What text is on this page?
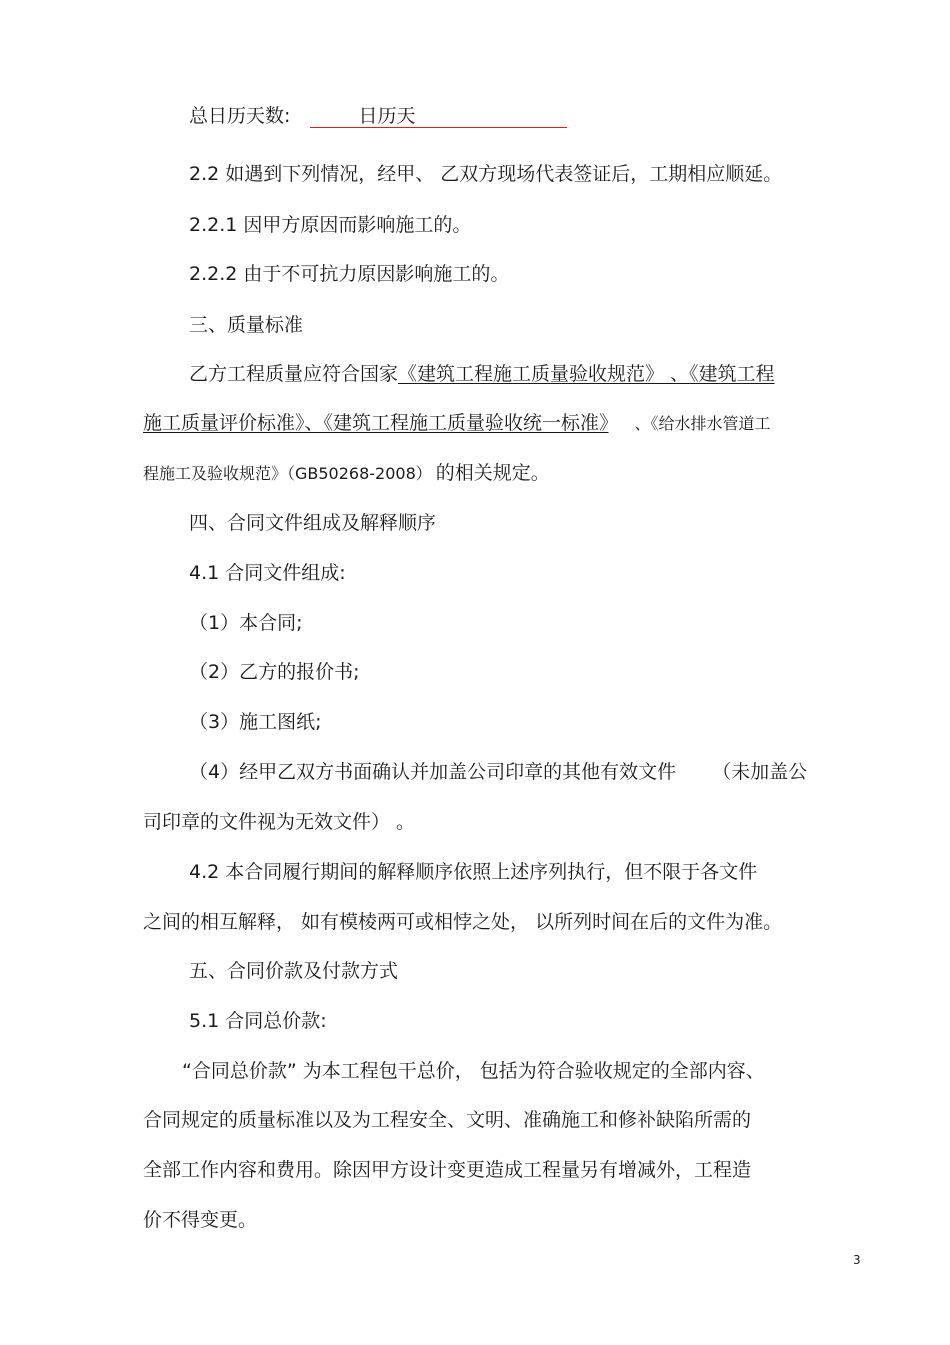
总日历天数:	日历天
2.2 如遇到下列情况，经甲、 乙双方现场代表签证后，工期相应顺延。
2.2.1 因甲方原因而影响施工的。
2.2.2 由于不可抗力原因影响施工的。
三、质量标准
乙方工程质量应符合国家《建筑工程施工质量验收规范》 、《建筑工程
施工质量评价标准》、《建筑工程施工质量验收统一标准》 、《给水排水管道工
程施工及验收规范》（GB50268-2008） 的相关规定。
四、合同文件组成及解释顺序
4.1 合同文件组成:
（1）本合同;
（2）乙方的报价书;
（3）施工图纸;
（4）经甲乙双方书面确认并加盖公司印章的其他有效文件 （未加盖公
司印章的文件视为无效文件） 。
4.2 本合同履行期间的解释顺序依照上述序列执行，但不限于各文件
之间的相互解释， 如有模棱两可或相悖之处， 以所列时间在后的文件为准。
五、合同价款及付款方式
5.1 合同总价款:
“合同总价款” 为本工程包干总价， 包括为符合验收规定的全部内容、
合同规定的质量标准以及为工程安全、文明、准确施工和修补缺陷所需的
全部工作内容和费用。除因甲方设计变更造成工程量另有增减外，工程造
价不得变更。
3
